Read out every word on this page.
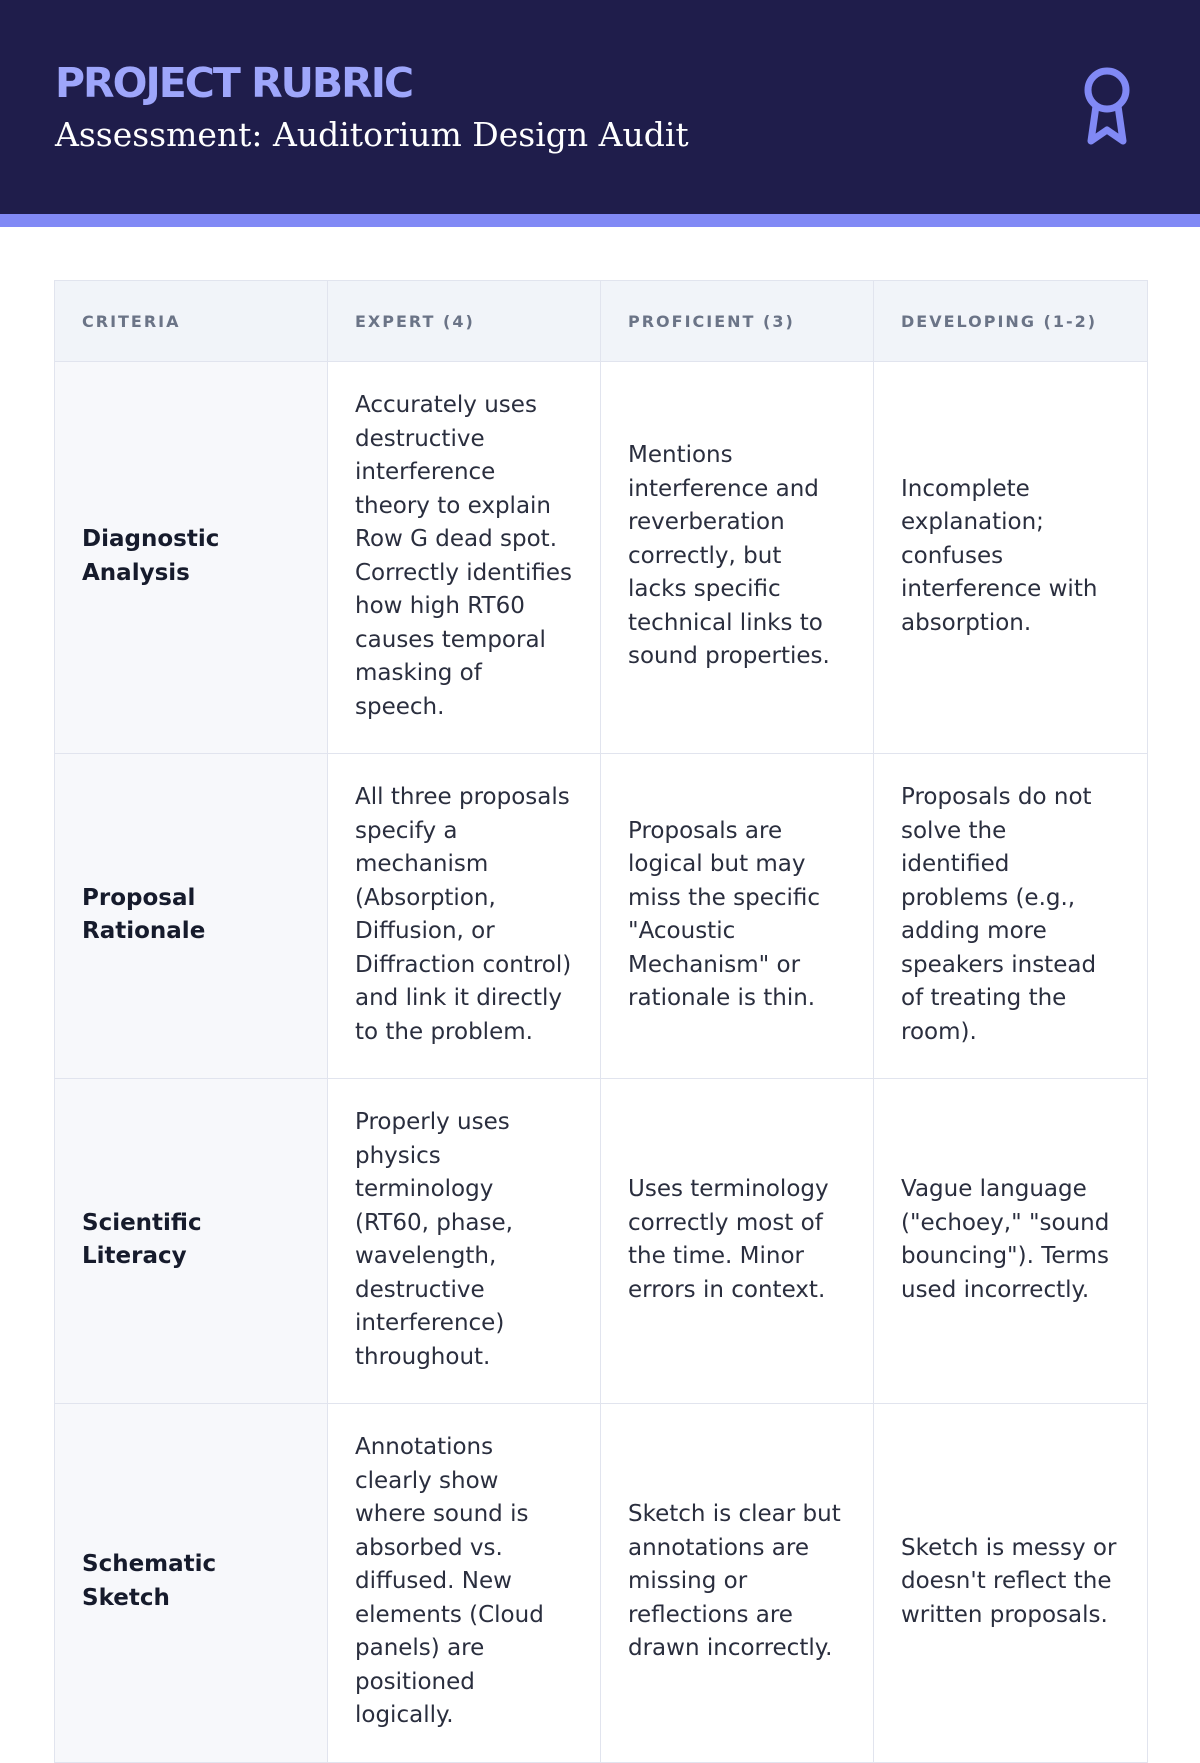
PROJECT RUBRIC

Assessment: Auditorium Design Audit

CRITERIA	EXPERT (4)	PROFICIENT (3)	DEVELOPING (1-2)
Diagnostic Analysis	Accurately uses destructive interference theory to explain Row G dead spot. Correctly identifies how high RT60 causes temporal masking of speech.	Mentions interference and reverberation correctly, but lacks specific technical links to sound properties.	Incomplete explanation; confuses interference with absorption.
Proposal Rationale	All three proposals specify a mechanism (Absorption, Diffusion, or Diffraction control) and link it directly to the problem.	Proposals are logical but may miss the specific "Acoustic Mechanism" or rationale is thin.	Proposals do not solve the identified problems (e.g., adding more speakers instead of treating the room).
Scientific Literacy	Properly uses physics terminology (RT60, phase, wavelength, destructive interference) throughout.	Uses terminology correctly most of the time. Minor errors in context.	Vague language ("echoey," "sound bouncing"). Terms used incorrectly.
Schematic Sketch	Annotations clearly show where sound is absorbed vs. diffused. New elements (Cloud panels) are positioned logically.	Sketch is clear but annotations are missing or reflections are drawn incorrectly.	Sketch is messy or doesn't reflect the written proposals.
